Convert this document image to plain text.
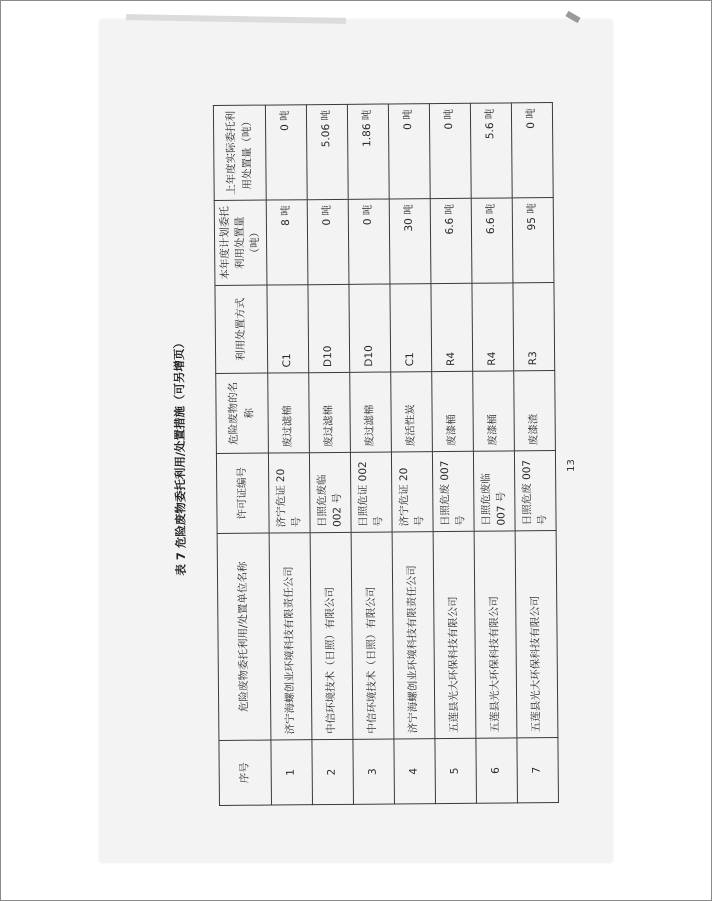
表 7 危险废物委托利用/处置措施（可另增页）
序号	危险废物委托利用/处置单位名称	许可证编号	危险废物的名称	利用处置方式	本年度计划委托利用处置量（吨）	上年度实际委托利用处置量（吨）
1	济宁海螺创业环境科技有限责任公司	济宁危证 20 号	废过滤棉	C1	8 吨	0 吨
2	中信环境技术（日照）有限公司	日照危废临 002 号	废过滤棉	D10	0 吨	5.06 吨
3	中信环境技术（日照）有限公司	日照危证 002 号	废过滤棉	D10	0 吨	1.86 吨
4	济宁海螺创业环境科技有限责任公司	济宁危证 20 号	废活性炭	C1	30 吨	0 吨
5	五莲县光大环保科技有限公司	日照危废 007 号	废漆桶	R4	6.6 吨	0 吨
6	五莲县光大环保科技有限公司	日照危废临 007 号	废漆桶	R4	6.6 吨	5.6 吨
7	五莲县光大环保科技有限公司	日照危废 007 号	废漆渣	R3	95 吨	0 吨
13
